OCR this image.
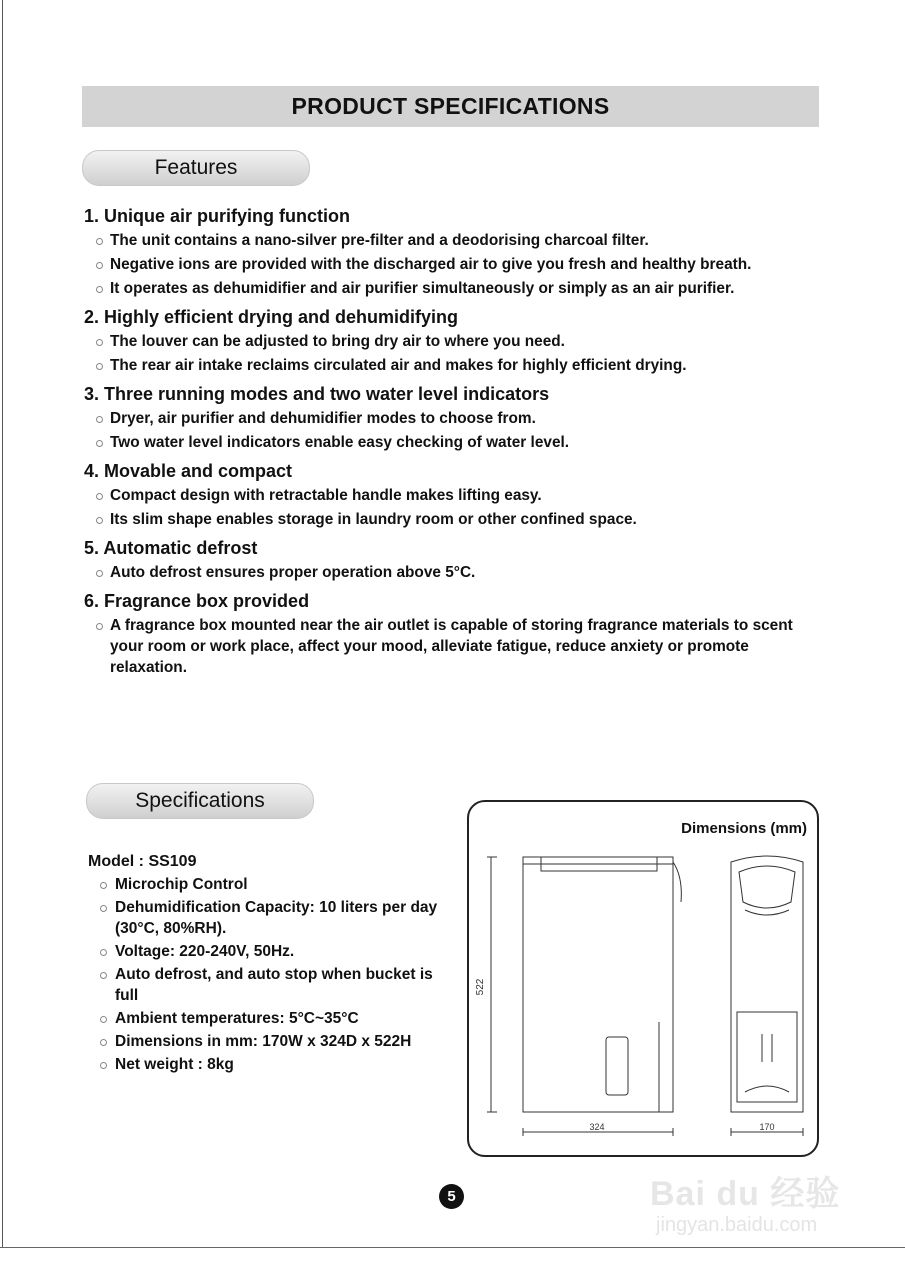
PRODUCT SPECIFICATIONS
Features

1. Unique air purifying function

The unit contains a nano-silver pre-filter and a deodorising charcoal filter.
Negative ions are provided with the discharged air to give you fresh and healthy breath.
It operates as dehumidifier and air purifier simultaneously or simply as an air purifier.

2. Highly efficient drying and dehumidifying

The louver can be adjusted to bring dry air to where you need.
The rear air intake reclaims circulated air and makes for highly efficient drying.

3. Three running modes and two water level indicators

Dryer, air purifier and dehumidifier modes to choose from.
Two water level indicators enable easy checking of water level.

4. Movable and compact

Compact design with retractable handle makes lifting easy.
Its slim shape enables storage in laundry room or other confined space.

5. Automatic defrost

Auto defrost ensures proper operation above 5°C.

6. Fragrance box provided

A fragrance box mounted near the air outlet is capable of storing fragrance materials to scent your room or work place, affect your mood, alleviate fatigue, reduce anxiety or promote relaxation.
Specifications

Model : SS109

Microchip Control
Dehumidification Capacity: 10 liters per day (30°C, 80%RH).
Voltage: 220-240V, 50Hz.
Auto defrost, and auto stop when bucket is full
Ambient temperatures: 5°C~35°C
Dimensions in mm: 170W x 324D x 522H
Net weight : 8kg
Dimensions (mm)
522
324	170
5	Bai du 经验
jingyan.baidu.com
